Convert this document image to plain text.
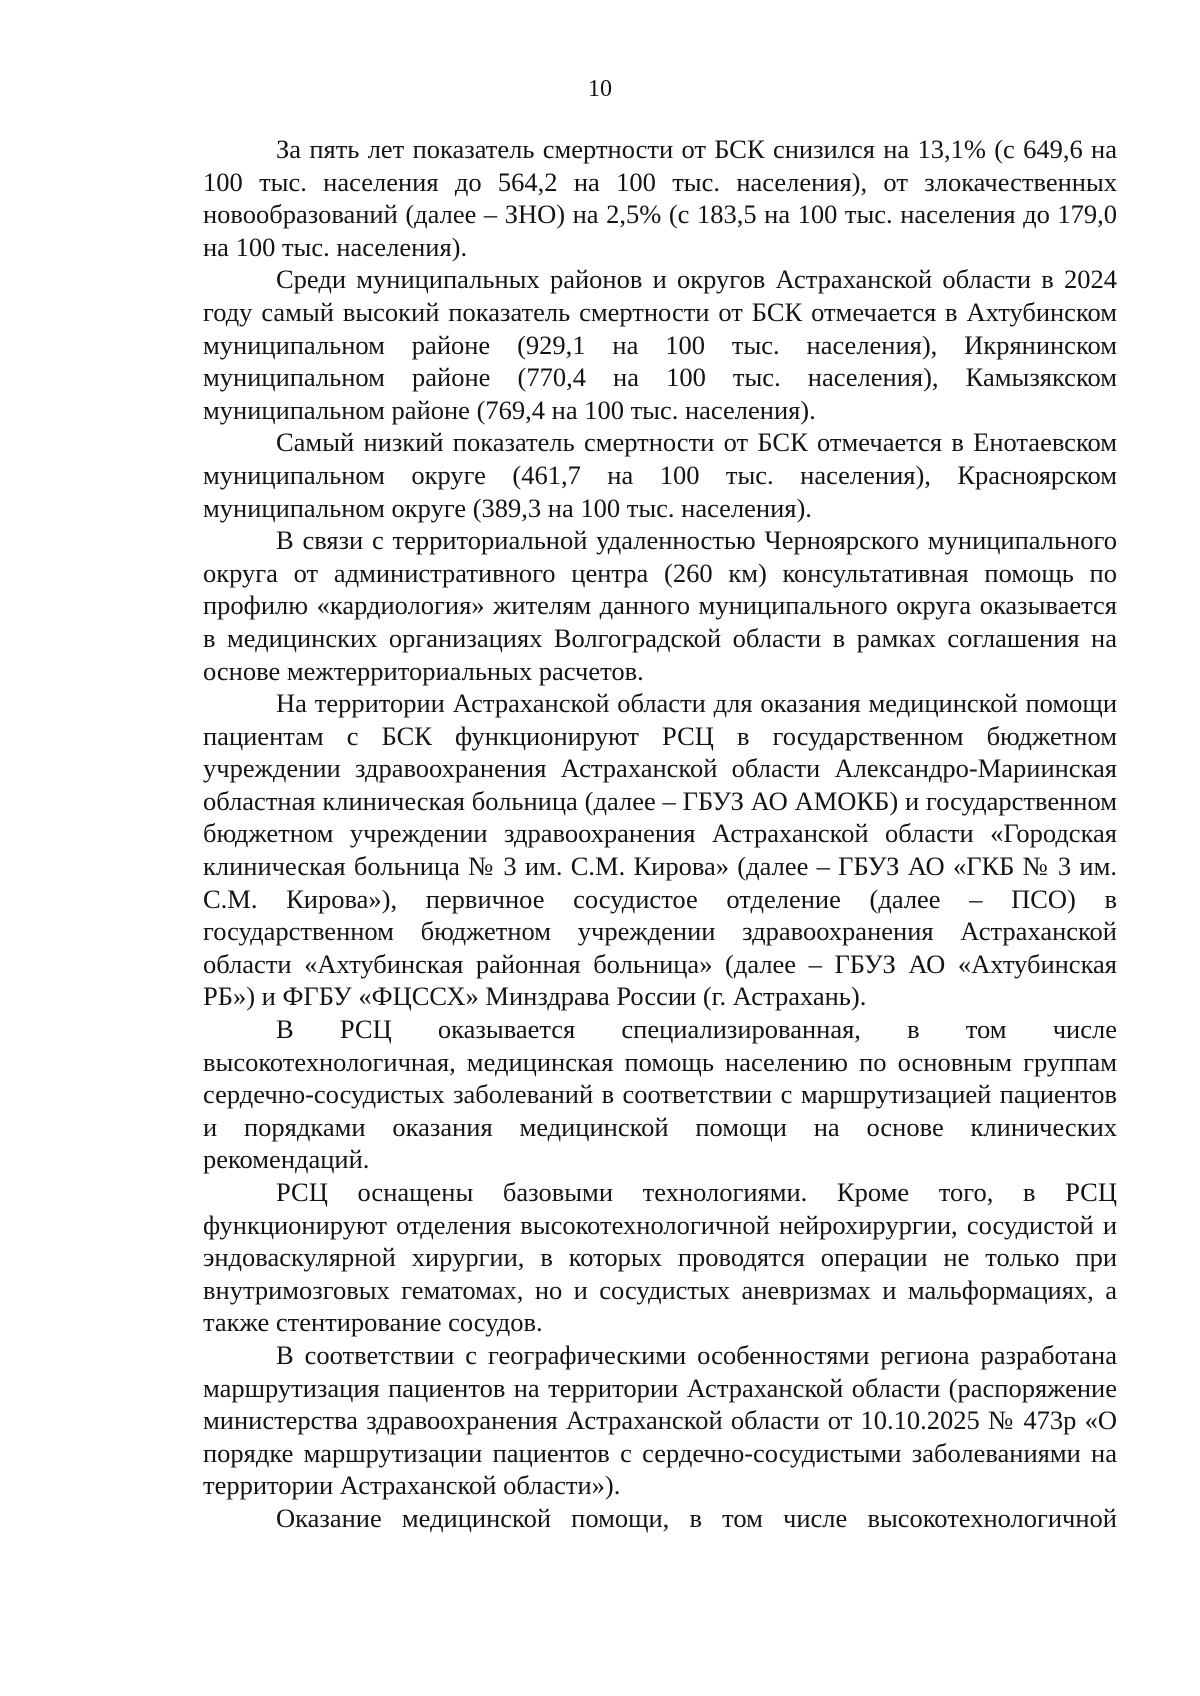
10

За пять лет показатель смертности от БСК снизился на 13,1% (с 649,6 на 100 тыс. населения до 564,2 на 100 тыс. населения), от злокачественных новообразований (далее – ЗНО) на 2,5% (с 183,5 на 100 тыс. населения до 179,0 на 100 тыс. населения).

Среди муниципальных районов и округов Астраханской области в 2024 году самый высокий показатель смертности от БСК отмечается в Ахтубинском муниципальном районе (929,1 на 100 тыс. населения), Икрянинском муниципальном районе (770,4 на 100 тыс. населения), Камызякском муниципальном районе (769,4 на 100 тыс. населения).

Самый низкий показатель смертности от БСК отмечается в Енотаевском муниципальном округе (461,7 на 100 тыс. населения), Красноярском муниципальном округе (389,3 на 100 тыс. населения).

В связи с территориальной удаленностью Черноярского муниципального округа от административного центра (260 км) консультативная помощь по профилю «кардиология» жителям данного муниципального округа оказывается в медицинских организациях Волгоградской области в рамках соглашения на основе межтерриториальных расчетов.

На территории Астраханской области для оказания медицинской помощи пациентам с БСК функционируют РСЦ в государственном бюджетном учреждении здравоохранения Астраханской области Александро-Мариинская областная клиническая больница (далее – ГБУЗ АО АМОКБ) и государственном бюджетном учреждении здравоохранения Астраханской области «Городская клиническая больница № 3 им. С.М. Кирова» (далее – ГБУЗ АО «ГКБ № 3 им. С.М. Кирова»), первичное сосудистое отделение (далее – ПСО) в государственном бюджетном учреждении здравоохранения Астраханской области «Ахтубинская районная больница» (далее – ГБУЗ АО «Ахтубинская РБ») и ФГБУ «ФЦССХ» Минздрава России (г. Астрахань).

В РСЦ оказывается специализированная, в том числе высокотехнологичная, медицинская помощь населению по основным группам сердечно-сосудистых заболеваний в соответствии с маршрутизацией пациентов и порядками оказания медицинской помощи на основе клинических рекомендаций.

РСЦ оснащены базовыми технологиями. Кроме того, в РСЦ функционируют отделения высокотехнологичной нейрохирургии, сосудистой и эндоваскулярной хирургии, в которых проводятся операции не только при внутримозговых гематомах, но и сосудистых аневризмах и мальформациях, а также стентирование сосудов.

В соответствии с географическими особенностями региона разработана маршрутизация пациентов на территории Астраханской области (распоряжение министерства здравоохранения Астраханской области от 10.10.2025 № 473р «О порядке маршрутизации пациентов с сердечно-сосудистыми заболеваниями на территории Астраханской области»).

Оказание медицинской помощи, в том числе высокотехнологичной
